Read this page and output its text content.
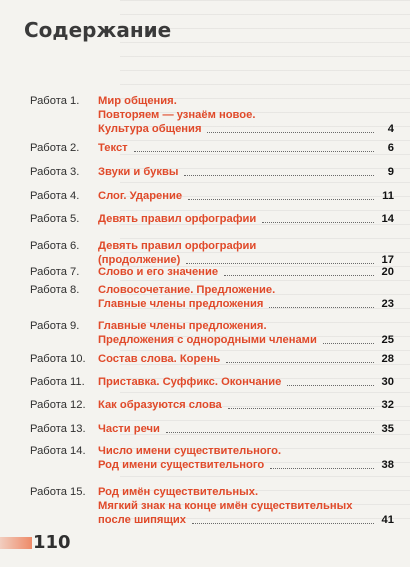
Содержание
Работа 1. Мир общения.
Повторяем — узнаём новое.
Культура общения	4
Работа 2. Текст	6
Работа 3. Звуки и буквы	9
Работа 4. Слог. Ударение	11
Работа 5. Девять правил орфографии	14
Работа 6. Девять правил орфографии
(продолжение)	17
Работа 7. Слово и его значение	20
Работа 8. Словосочетание. Предложение.
Главные члены предложения	23
Работа 9. Главные члены предложения.
Предложения с однородными членами	25
Работа 10. Состав слова. Корень	28
Работа 11. Приставка. Суффикс. Окончание	30
Работа 12. Как образуются слова	32
Работа 13. Части речи	35
Работа 14. Число имени существительного.
Род имени существительного	38
Работа 15. Род имён существительных.
Мягкий знак на конце имён существительных
после шипящих	41
110
